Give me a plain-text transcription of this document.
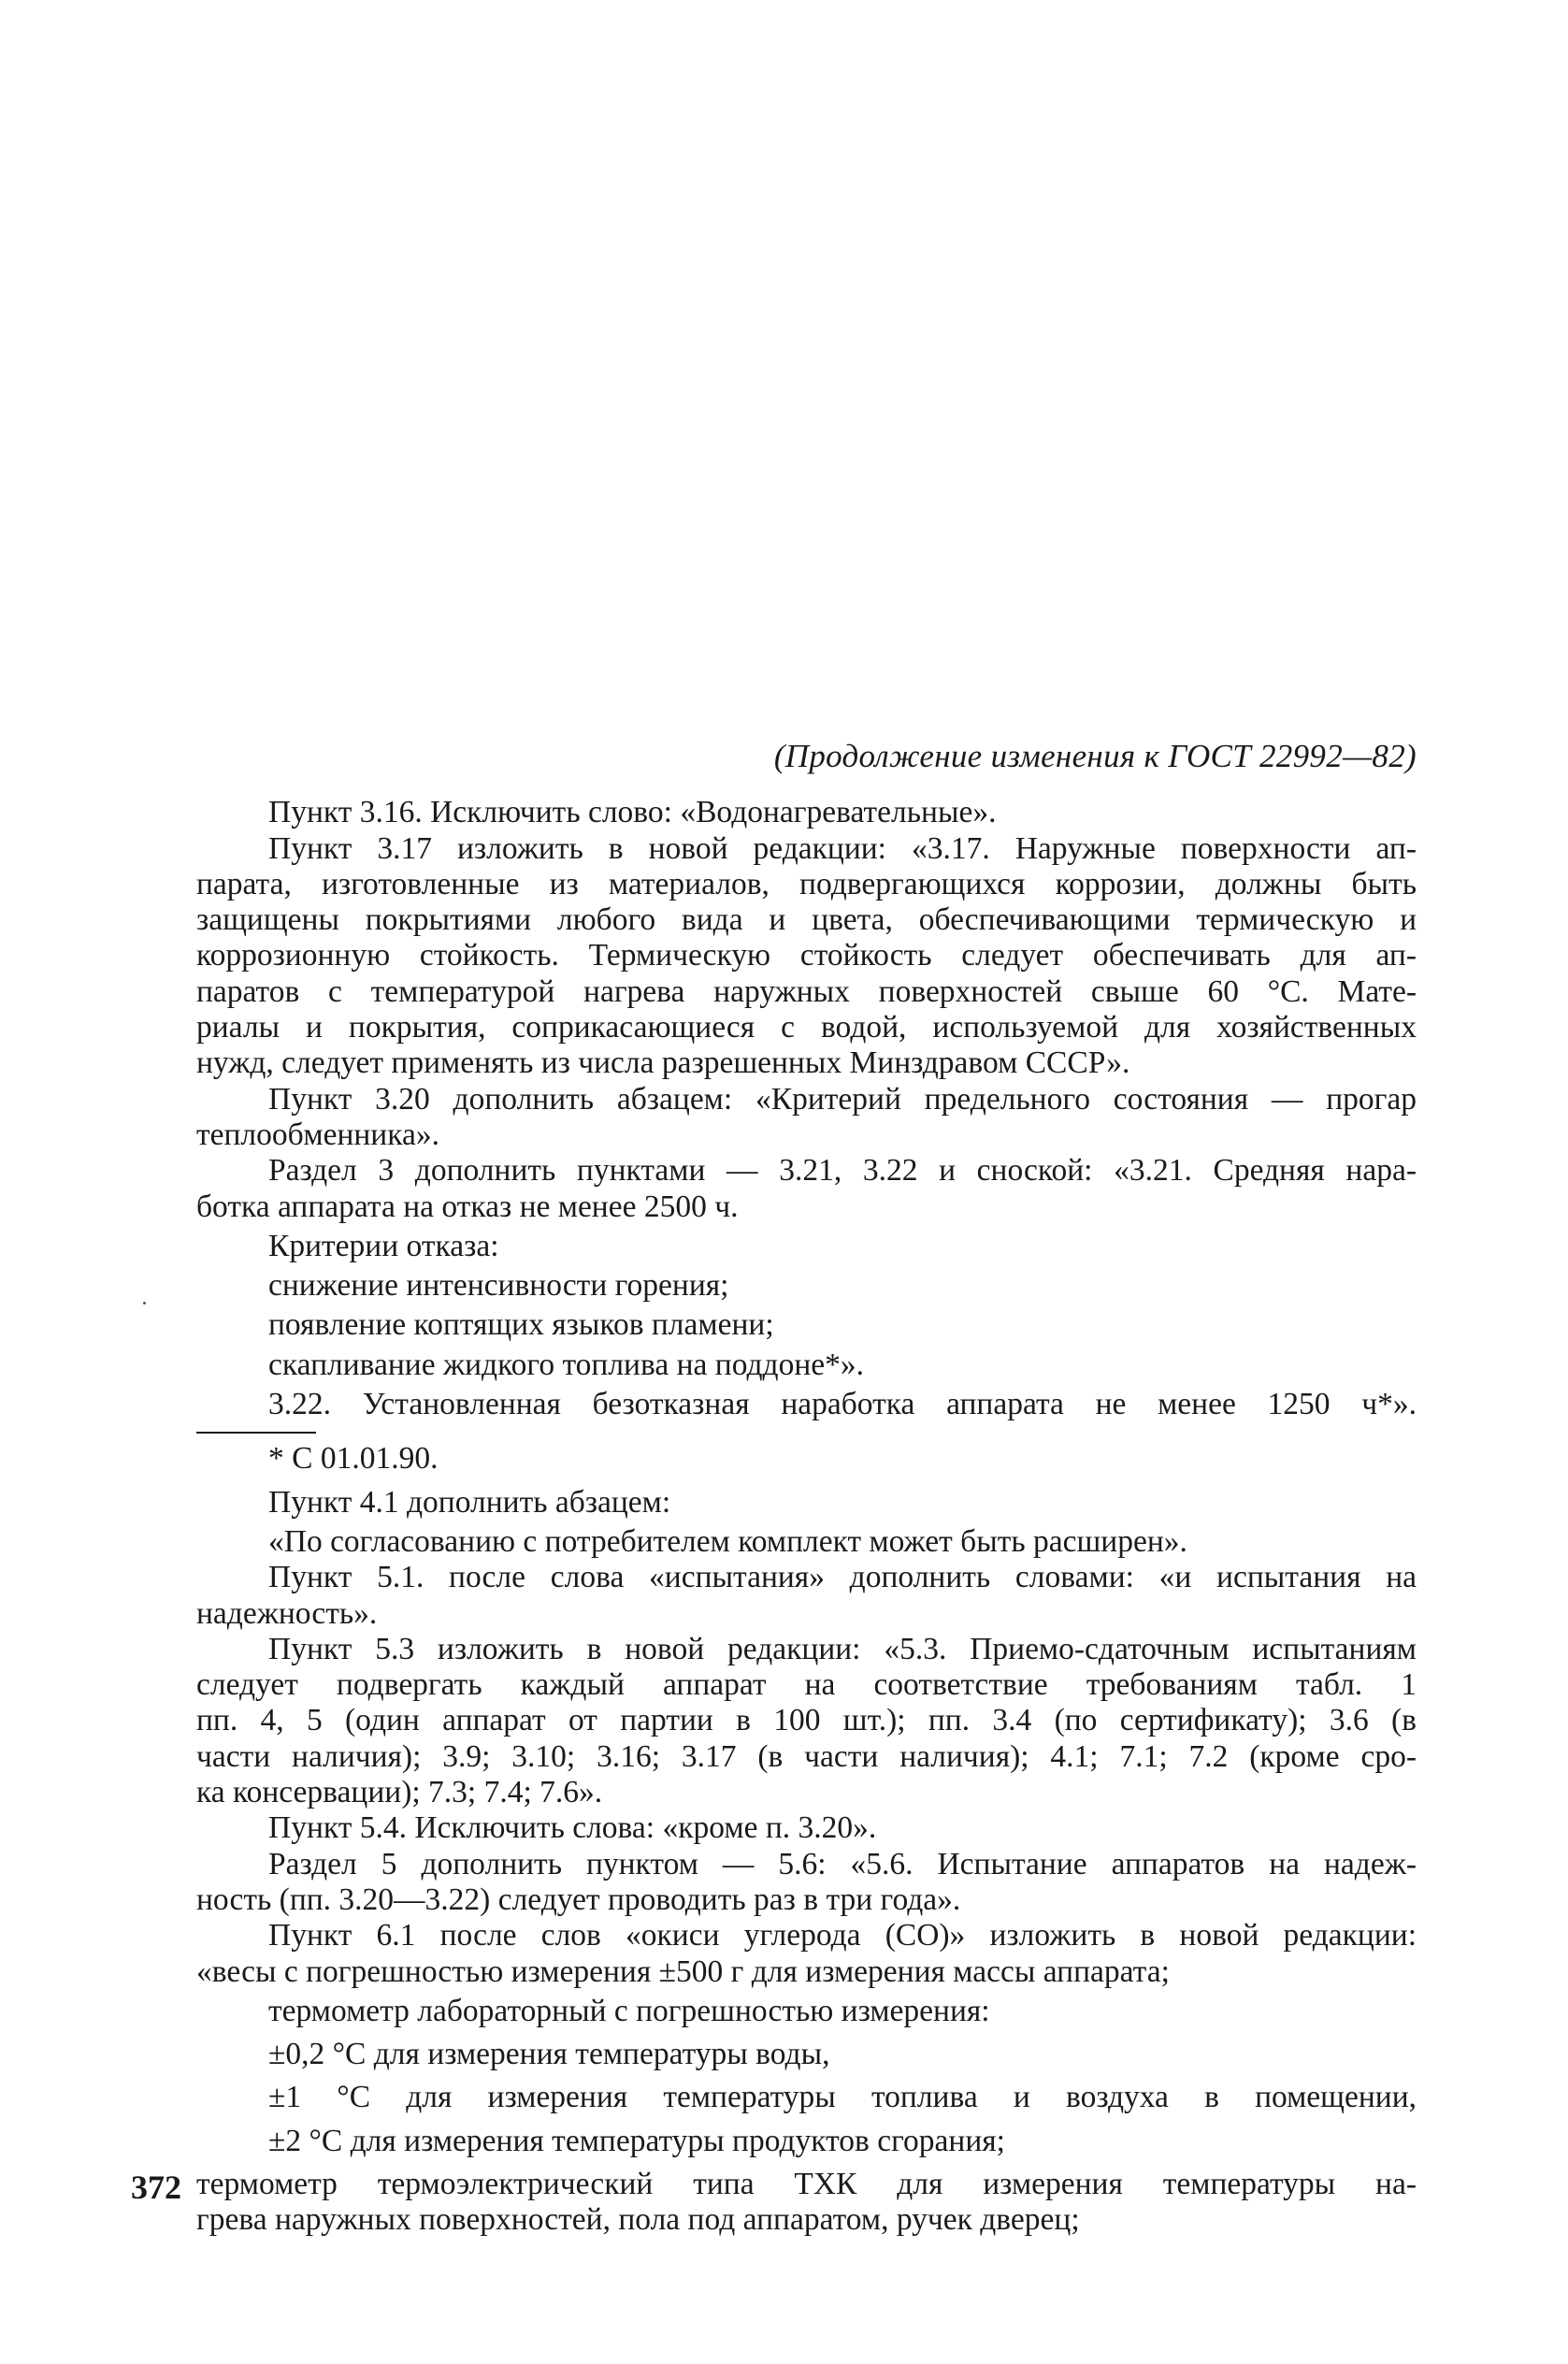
(Продолжение изменения к ГОСТ 22992—82)
Пункт 3.16. Исключить слово: «Водонагревательные».
Пункт 3.17 изложить в новой редакции: «3.17. Наружные поверхности ап-
парата, изготовленные из материалов, подвергающихся коррозии, должны быть
защищены покрытиями любого вида и цвета, обеспечивающими термическую и
коррозионную стойкость. Термическую стойкость следует обеспечивать для ап-
паратов с температурой нагрева наружных поверхностей свыше 60 °С. Мате-
риалы и покрытия, соприкасающиеся с водой, используемой для хозяйственных
нужд, следует применять из числа разрешенных Минздравом СССР».
Пункт 3.20 дополнить абзацем: «Критерий предельного состояния — прогар
теплообменника».
Раздел 3 дополнить пунктами — 3.21, 3.22 и сноской: «3.21. Средняя нара-
ботка аппарата на отказ не менее 2500 ч.
Критерии отказа:
снижение интенсивности горения;
появление коптящих языков пламени;
скапливание жидкого топлива на поддоне*».
3.22. Установленная безотказная наработка аппарата не менее 1250 ч*».
* С 01.01.90.
Пункт 4.1 дополнить абзацем:
«По согласованию с потребителем комплект может быть расширен».
Пункт 5.1. после слова «испытания» дополнить словами: «и испытания на
надежность».
Пункт 5.3 изложить в новой редакции: «5.3. Приемо-сдаточным испытаниям
следует подвергать каждый аппарат на соответствие требованиям табл. 1
пп. 4, 5 (один аппарат от партии в 100 шт.); пп. 3.4 (по сертификату); 3.6 (в
части наличия); 3.9; 3.10; 3.16; 3.17 (в части наличия); 4.1; 7.1; 7.2 (кроме сро-
ка консервации); 7.3; 7.4; 7.6».
Пункт 5.4. Исключить слова: «кроме п. 3.20».
Раздел 5 дополнить пунктом — 5.6: «5.6. Испытание аппаратов на надеж-
ность (пп. 3.20—3.22) следует проводить раз в три года».
Пункт 6.1 после слов «окиси углерода (СО)» изложить в новой редакции:
«весы с погрешностью измерения ±500 г для измерения массы аппарата;
термометр лабораторный с погрешностью измерения:
±0,2 °С для измерения температуры воды,
±1 °С для измерения температуры топлива и воздуха в помещении,
±2 °С для измерения температуры продуктов сгорания;
термометр термоэлектрический типа ТХК для измерения температуры на-
грева наружных поверхностей, пола под аппаратом, ручек дверец;
372
